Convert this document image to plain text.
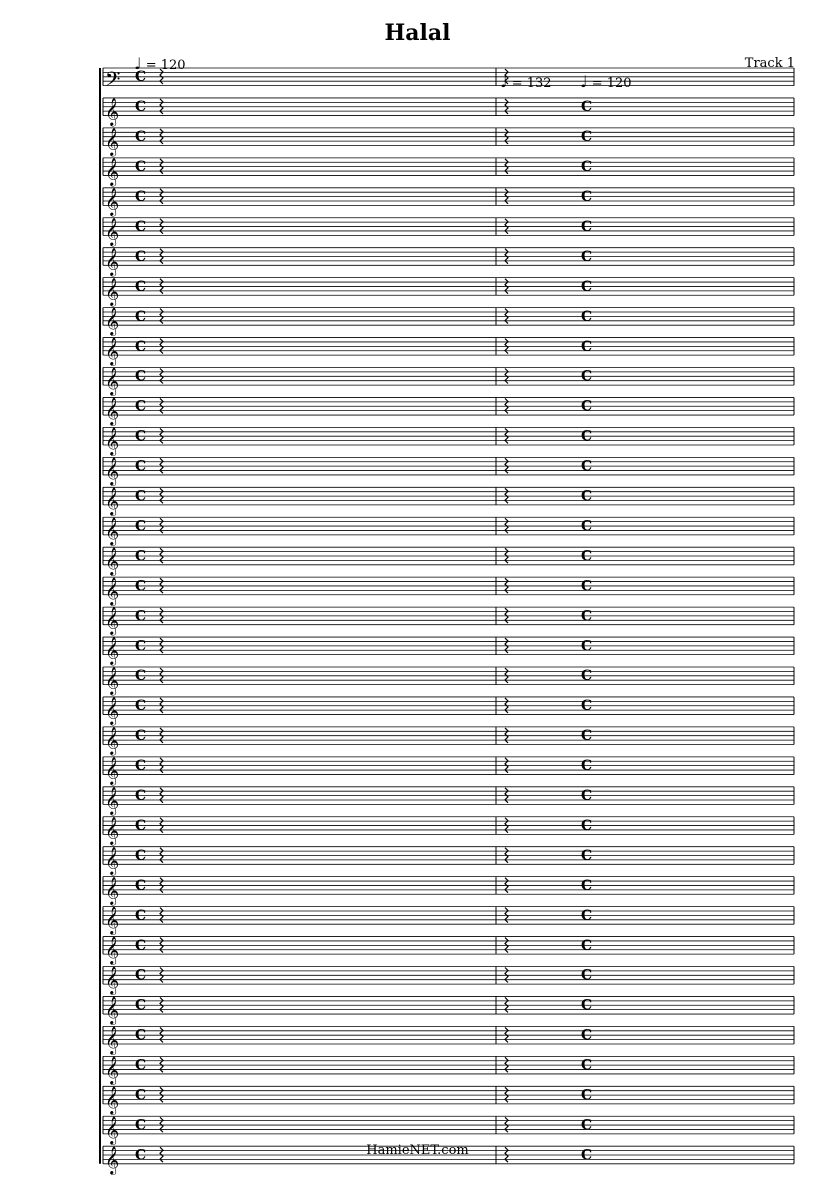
Halal
Track 1
♩ = 120
♩ = 132 ♩ = 120
𝄢 C
𝄞 C	C
𝄞 C	C
𝄞 C	C
𝄞 C	C
𝄞 C	C
𝄞 C	C
𝄞 C	C
𝄞 C	C
𝄞 C	C
𝄞 C	C
𝄞 C	C
𝄞 C	C
𝄞 C	C
𝄞 C	C
𝄞 C	C
𝄞 C	C
𝄞 C	C
𝄞 C	C
𝄞 C	C
𝄞 C	C
𝄞 C	C
𝄞 C	C
𝄞 C	C
𝄞 C	C
𝄞 C	C
𝄞 C	C
𝄞 C	C
𝄞 C	C
𝄞 C	C
𝄞 C	C
𝄞 C	C
𝄞 C	C
𝄞 C	C
𝄞 C	C
𝄞 C	C
𝄞 C	C
HamieNET.com
